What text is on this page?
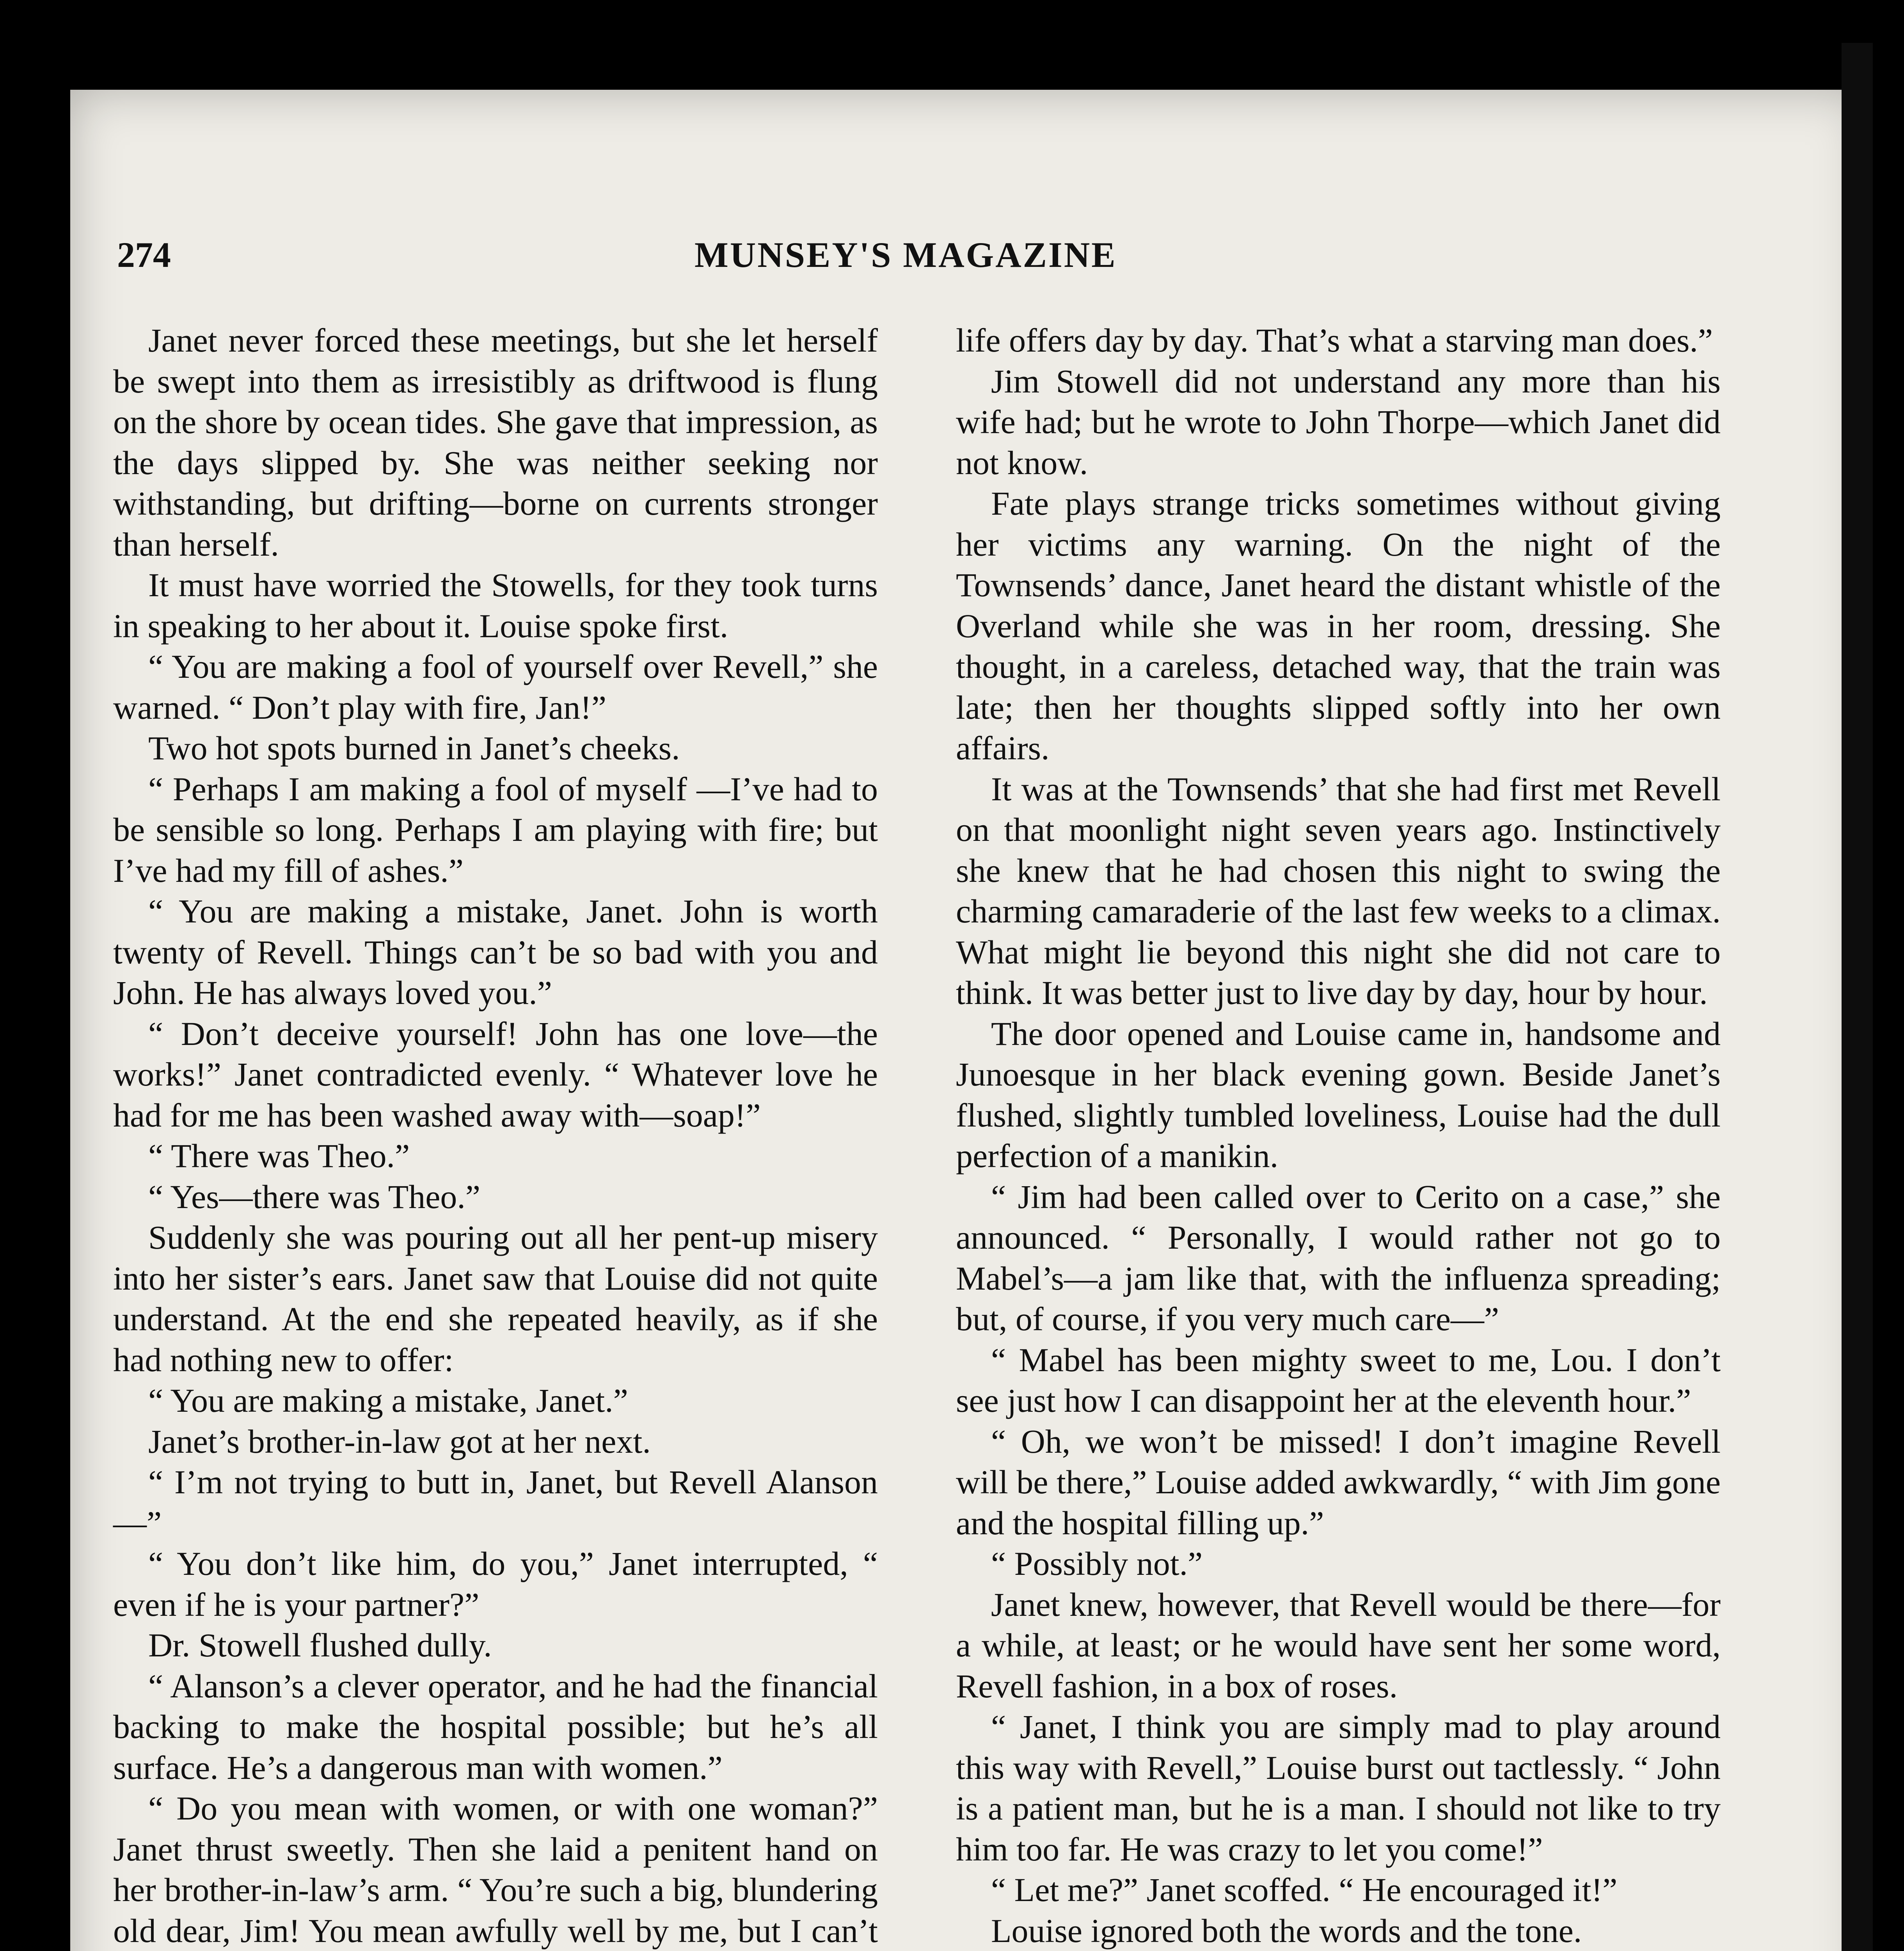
274	MUNSEY'S MAGAZINE

Janet never forced these meetings, but she let herself be swept into them as irresistibly as driftwood is flung on the shore by ocean tides. She gave that impression, as the days slipped by. She was neither seeking nor withstanding, but drifting—borne on currents stronger than herself.

It must have worried the Stowells, for they took turns in speaking to her about it. Louise spoke first.

“ You are making a fool of yourself over Revell,” she warned. “ Don’t play with fire, Jan!”

Two hot spots burned in Janet’s cheeks.

“ Perhaps I am making a fool of myself —I’ve had to be sensible so long. Perhaps I am playing with fire; but I’ve had my fill of ashes.”

“ You are making a mistake, Janet. John is worth twenty of Revell. Things can’t be so bad with you and John. He has always loved you.”

“ Don’t deceive yourself! John has one love—the works!” Janet contradicted evenly. “ Whatever love he had for me has been washed away with—soap!”

“ There was Theo.”

“ Yes—there was Theo.”

Suddenly she was pouring out all her pent-up misery into her sister’s ears. Janet saw that Louise did not quite understand. At the end she repeated heavily, as if she had nothing new to offer:

“ You are making a mistake, Janet.”

Janet’s brother-in-law got at her next.

“ I’m not trying to butt in, Janet, but Revell Alanson—”

“ You don’t like him, do you,” Janet interrupted, “ even if he is your partner?”

Dr. Stowell flushed dully.

“ Alanson’s a clever operator, and he had the financial backing to make the hospital possible; but he’s all surface. He’s a dangerous man with women.”

“ Do you mean with women, or with one woman?” Janet thrust sweetly. Then she laid a penitent hand on her brother-in-law’s arm. “ You’re such a big, blundering old dear, Jim! You mean awfully well by me, but I can’t

life offers day by day. That’s what a starving man does.”

Jim Stowell did not understand any more than his wife had; but he wrote to John Thorpe—which Janet did not know.

Fate plays strange tricks sometimes without giving her victims any warning. On the night of the Townsends’ dance, Janet heard the distant whistle of the Overland while she was in her room, dressing. She thought, in a careless, detached way, that the train was late; then her thoughts slipped softly into her own affairs.

It was at the Townsends’ that she had first met Revell on that moonlight night seven years ago. Instinctively she knew that he had chosen this night to swing the charming camaraderie of the last few weeks to a climax. What might lie beyond this night she did not care to think. It was better just to live day by day, hour by hour.

The door opened and Louise came in, handsome and Junoesque in her black evening gown. Beside Janet’s flushed, slightly tumbled loveliness, Louise had the dull perfection of a manikin.

“ Jim had been called over to Cerito on a case,” she announced. “ Personally, I would rather not go to Mabel’s—a jam like that, with the influenza spreading; but, of course, if you very much care—”

“ Mabel has been mighty sweet to me, Lou. I don’t see just how I can disappoint her at the eleventh hour.”

“ Oh, we won’t be missed! I don’t imagine Revell will be there,” Louise added awkwardly, “ with Jim gone and the hospital filling up.”

“ Possibly not.”

Janet knew, however, that Revell would be there—for a while, at least; or he would have sent her some word, Revell fashion, in a box of roses.

“ Janet, I think you are simply mad to play around this way with Revell,” Louise burst out tactlessly. “ John is a patient man, but he is a man. I should not like to try him too far. He was crazy to let you come!”

“ Let me?” Janet scoffed. “ He encouraged it!”

Louise ignored both the words and the tone.
